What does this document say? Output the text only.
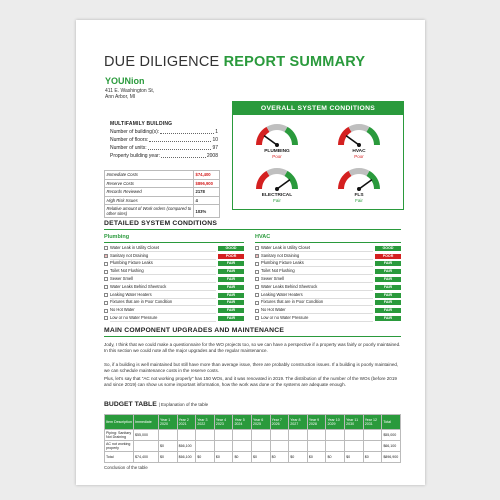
DUE DILIGENCE REPORT SUMMARY
YOUNion
411 E. Washington St,
Ann Arbor, MI
MULTIFAMILY BUILDING
Number of building(s):	1
Number of floors:	10
Number of units:	97
Property building year:	2008
Immediate Costs	$74,400
Reserve Costs	$896,900
Records Reviewed	2178
High Risk Issues	4
Relative amount of Work orders (compared to other sites)	103%
OVERALL SYSTEM CONDITIONS
PLUMBING
Poor
HVAC
Poor
ELECTRICAL
Fair
FLS
Fair
DETAILED SYSTEM CONDITIONS
Plumbing
Water Leak in Utility Closet	GOOD
× Sanitary not Draining	POOR
Plumbing Fixture Leaks	FAIR
Toilet Not Flushing	FAIR
Sewer Smell	FAIR
Water Leaks Behind Sheetrock	FAIR
Leaking Water Heaters	FAIR
Fixtures that are in Poor Condition	FAIR
No Hot Water	FAIR
Low or no Water Pressure	FAIR
HVAC
Water Leak in Utility Closet	GOOD
× Sanitary not Draining	POOR
Plumbing Fixture Leaks	FAIR
Toilet Not Flushing	FAIR
Sewer Smell	FAIR
Water Leaks Behind Sheetrock	FAIR
Leaking Water Heaters	FAIR
Fixtures that are in Poor Condition	FAIR
No Hot Water	FAIR
Low or no Water Pressure	FAIR
MAIN COMPONENT UPGRADES AND MAINTENANCE
Jody, I think that we could make a questionnaire for the WO projects too, so we can have a perspective if a property was fairly or poorly maintained. In this section we could note all the major upgrades and the regular maintenance.
So, if a building is well maintained but still have more than average issue, there are probably construction issues. If a building is poorly maintained, we can schedule maintenance costs in the reserve costs.
Plus, let's say that "AC not working properly" has 150 WOs, and it was renovated in 2019. The distribution of the number of the WOs (before 2019 and since 2019) can show us some important information, how the work was done or the systems are adequate enough.
BUDGET TABLE | Explanation of the table
Item Description	Immediate	Year 1 2020	Year 2 2021	Year 3 2022	Year 4 2023	Year 5 2024	Year 6 2025	Year 7 2026	Year 8 2027	Year 9 2028	Year 10 2029	Year 11 2030	Year 12 2031	Total
Piping: Sanitary Not Draining	$55,000													$55,000
AC not working properly		$0	$66,100											$66,100
Total	$74,400	$0	$66,100	$0	$0	$0	$0	$0	$0	$0	$0	$0	$0	$896,900
Conclusion of the table
